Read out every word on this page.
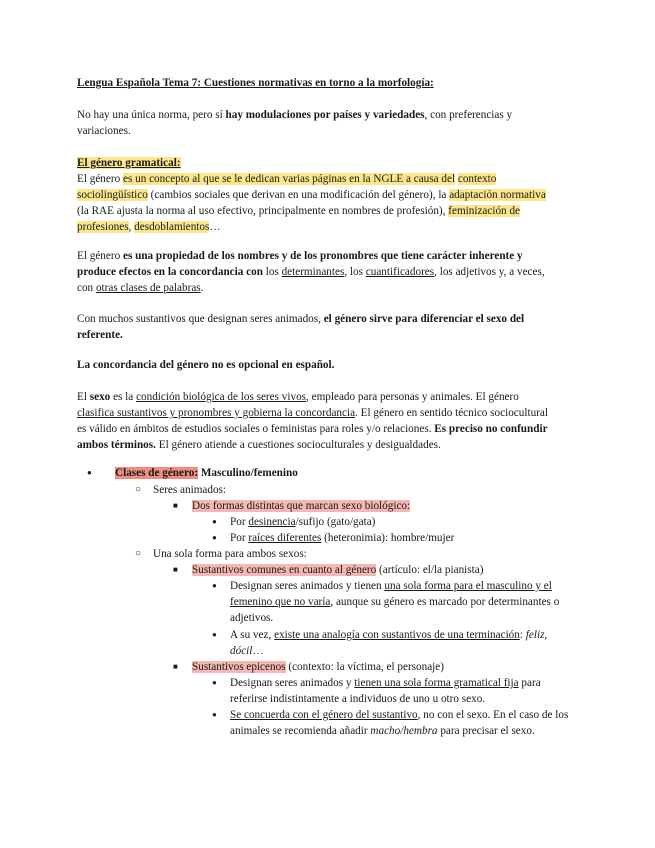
Lengua Española Tema 7: Cuestiones normativas en torno a la morfología:

No hay una única norma, pero sí hay modulaciones por países y variedades, con preferencias y variaciones.

El género gramatical:

El género es un concepto al que se le dedican varias páginas en la NGLE a causa del contexto sociolingüístico (cambios sociales que derivan en una modificación del género), la adaptación normativa (la RAE ajusta la norma al uso efectivo, principalmente en nombres de profesión), feminización de profesiones, desdoblamientos…

El género es una propiedad de los nombres y de los pronombres que tiene carácter inherente y produce efectos en la concordancia con los determinantes, los cuantificadores, los adjetivos y, a veces, con otras clases de palabras.

Con muchos sustantivos que designan seres animados, el género sirve para diferenciar el sexo del referente.

La concordancia del género no es opcional en español.

El sexo es la condición biológica de los seres vivos, empleado para personas y animales. El género clasifica sustantivos y pronombres y gobierna la concordancia. El género en sentido técnico sociocultural es válido en ámbitos de estudios sociales o feministas para roles y/o relaciones. Es preciso no confundir ambos términos. El género atiende a cuestiones socioculturales y desigualdades.

● Clases de género: Masculino/femenino

○ Seres animados:

■ Dos formas distintas que marcan sexo biológico:

● Por desinencia/sufijo (gato/gata)

● Por raíces diferentes (heteronimia): hombre/mujer

○ Una sola forma para ambos sexos:

■ Sustantivos comunes en cuanto al género (artículo: el/la pianista)

● Designan seres animados y tienen una sola forma para el masculino y el femenino que no varía, aunque su género es marcado por determinantes o adjetivos.

● A su vez, existe una analogía con sustantivos de una terminación: feliz, dócil…

■ Sustantivos epicenos (contexto: la víctima, el personaje)

● Designan seres animados y tienen una sola forma gramatical fija para referirse indistintamente a individuos de uno u otro sexo.

● Se concuerda con el género del sustantivo, no con el sexo. En el caso de los animales se recomienda añadir macho/hembra para precisar el sexo.
